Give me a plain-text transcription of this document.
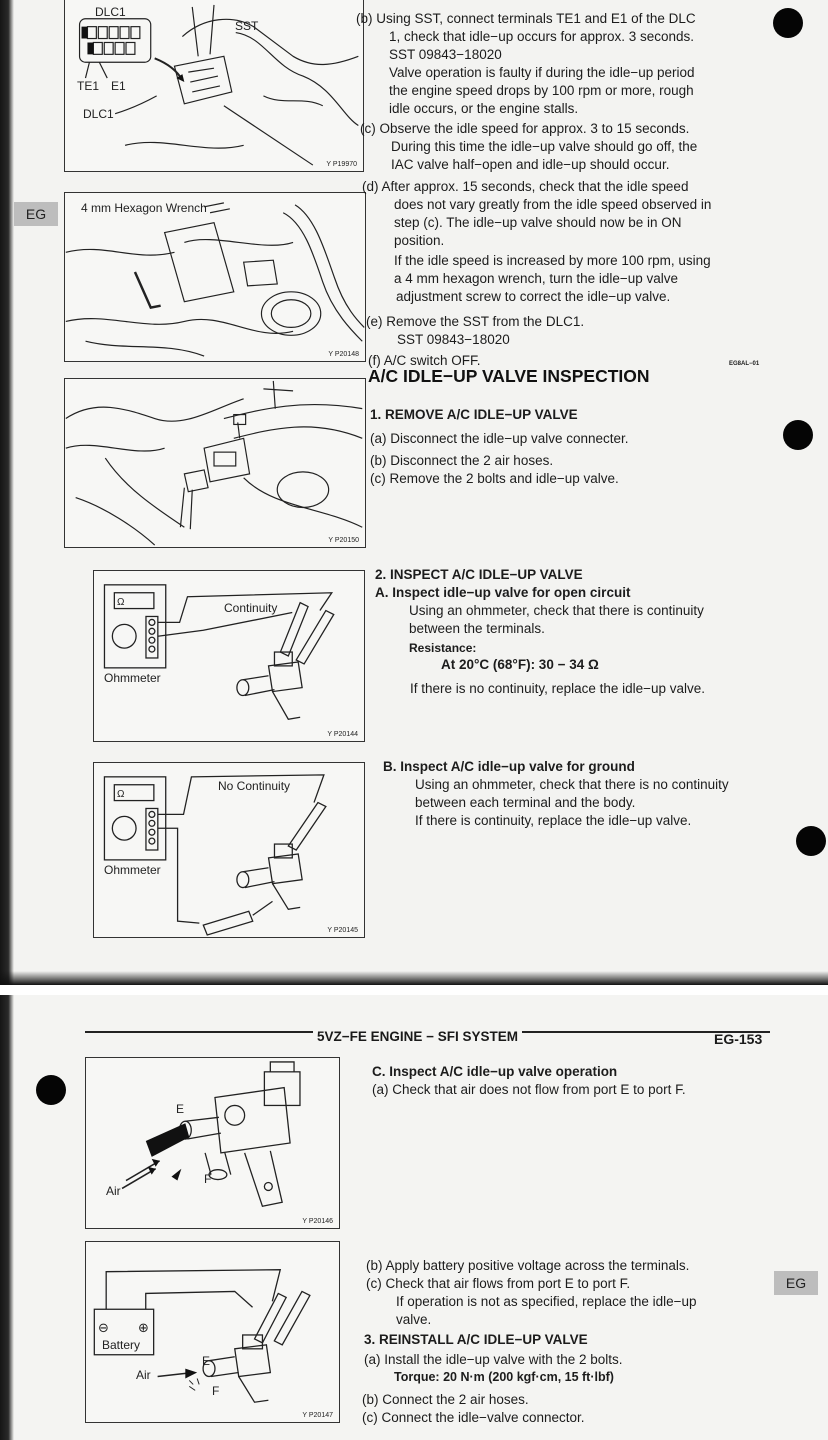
EG
DLC1
SST
TE1 E1
DLC1
Y P19970
4 mm Hexagon Wrench
Y P20148
Y P20150
Ω	Continuity
Ohmmeter
Y P20144
Ω
No Continuity
Ohmmeter
Y P20145
(b) Using SST, connect terminals TE1 and E1 of the DLC
1, check that idle−up occurs for approx. 3 seconds.
SST 09843−18020
Valve operation is faulty if during the idle−up period
the engine speed drops by 100 rpm or more, rough
idle occurs, or the engine stalls.
(c) Observe the idle speed for approx. 3 to 15 seconds.
During this time the idle−up valve should go off, the
IAC valve half−open and idle−up should occur.
(d) After approx. 15 seconds, check that the idle speed
does not vary greatly from the idle speed observed in
step (c). The idle−up valve should now be in ON
position.
If the idle speed is increased by more 100 rpm, using
a 4 mm hexagon wrench, turn the idle−up valve
adjustment screw to correct the idle−up valve.
(e) Remove the SST from the DLC1.
SST 09843−18020
(f) A/C switch OFF.	EG8AL−01
A/C IDLE−UP VALVE INSPECTION
1. REMOVE A/C IDLE−UP VALVE
(a) Disconnect the idle−up valve connecter.
(b) Disconnect the 2 air hoses.
(c) Remove the 2 bolts and idle−up valve.
2. INSPECT A/C IDLE−UP VALVE
A. Inspect idle−up valve for open circuit
Using an ohmmeter, check that there is continuity
between the terminals.
Resistance:
At 20°C (68°F): 30 − 34 Ω
If there is no continuity, replace the idle−up valve.
B. Inspect A/C idle−up valve for ground
Using an ohmmeter, check that there is no continuity
between each terminal and the body.
If there is continuity, replace the idle−up valve.
EG
E
F
Air
Y P20146
⊖ ⊕
Battery
E
F
Air
Y P20147
5VZ−FE ENGINE − SFI SYSTEM	EG-153
C. Inspect A/C idle−up valve operation
(a) Check that air does not flow from port E to port F.
(b) Apply battery positive voltage across the terminals.
(c) Check that air flows from port E to port F.
If operation is not as specified, replace the idle−up
valve.
3. REINSTALL A/C IDLE−UP VALVE
(a) Install the idle−up valve with the 2 bolts.
Torque: 20 N·m (200 kgf·cm, 15 ft·lbf)
(b) Connect the 2 air hoses.
(c) Connect the idle−valve connector.
